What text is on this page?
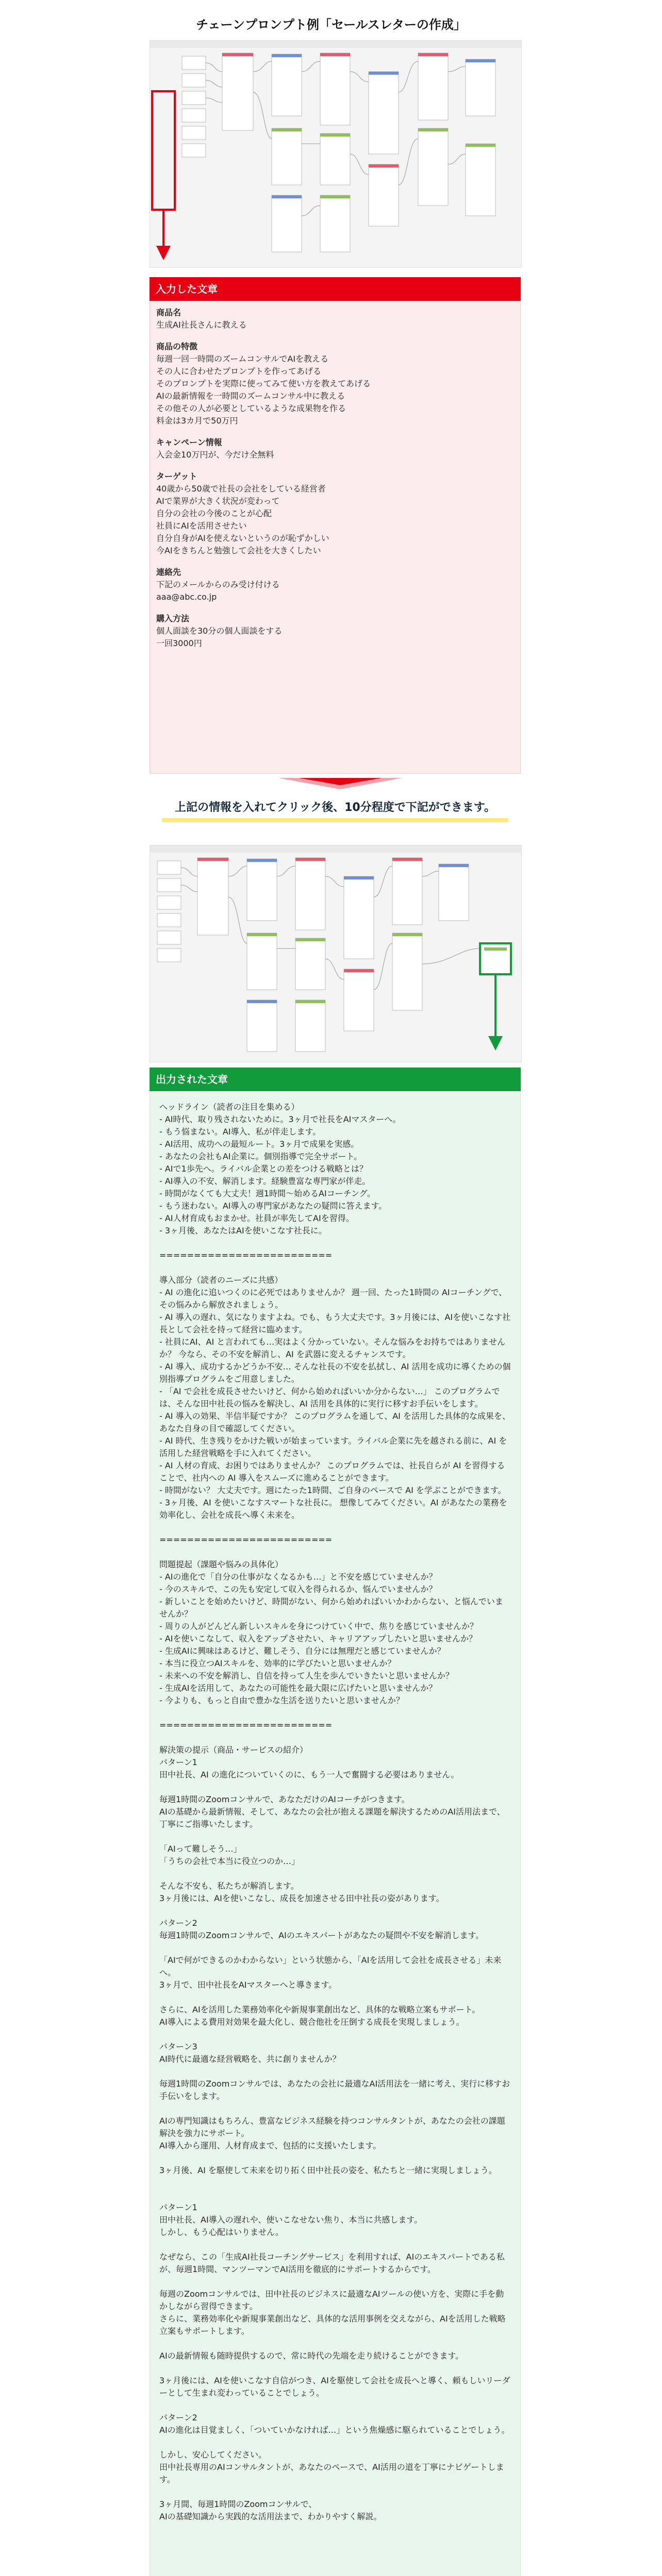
チェーンプロンプト例「セールスレターの作成」
入力した文章
商品名
生成AI社長さんに教える
商品の特徴
毎週一回一時間のズームコンサルでAIを教える
その人に合わせたプロンプトを作ってあげる
そのプロンプトを実際に使ってみて使い方を教えてあげる
AIの最新情報を一時間のズームコンサル中に教える
その他その人が必要としているような成果物を作る
料金は3カ月で50万円
キャンペーン情報
入会金10万円が、今だけ全無料
ターゲット
40歳から50歳で社長の会社をしている経営者
AIで業界が大きく状況が変わって
自分の会社の今後のことが心配
社員にAIを活用させたい
自分自身がAIを使えないというのが恥ずかしい
今AIをきちんと勉強して会社を大きくしたい
連絡先
下記のメールからのみ受け付ける
aaa@abc.co.jp
購入方法
個人面談を30分の個人面談をする
一回3000円
上記の情報を入れてクリック後、10分程度で下記ができます。
出力された文章
ヘッドライン（読者の注目を集める）
- AI時代、取り残されないために。3ヶ月で社長をAIマスターへ。
- もう悩まない。AI導入、私が伴走します。
- AI活用、成功への最短ルート。3ヶ月で成果を実感。
- あなたの会社もAI企業に。個別指導で完全サポート。
- AIで1歩先へ。ライバル企業との差をつける戦略とは？
- AI導入の不安、解消します。経験豊富な専門家が伴走。
- 時間がなくても大丈夫！週1時間〜始めるAIコーチング。
- もう迷わない。AI導入の専門家があなたの疑問に答えます。
- AI人材育成もおまかせ。社員が率先してAIを習得。
- 3ヶ月後、あなたはAIを使いこなす社長に。
=========================
導入部分（読者のニーズに共感）
- AI の進化に追いつくのに必死ではありませんか？ 週一回、たった1時間の AIコーチングで、その悩みから解放されましょう。
- AI 導入の遅れ、気になりますよね。でも、もう大丈夫です。3ヶ月後には、AIを使いこなす社長として会社を持って経営に臨めます。
- 社員にAI、AI と言われても…実はよく分かっていない。そんな悩みをお持ちではありませんか？ 今なら、その不安を解消し、AI を武器に変えるチャンスです。
- AI 導入、成功するかどうか不安… そんな社長の不安を払拭し、AI 活用を成功に導くための個別指導プログラムをご用意しました。
- 「AI で会社を成長させたいけど、何から始めればいいか分からない…」 このプログラムでは、そんな田中社長の悩みを解決し、AI 活用を具体的に実行に移すお手伝いをします。
- AI 導入の効果、半信半疑ですか？ このプログラムを通して、AI を活用した具体的な成果を、あなた自身の目で確認してください。
- AI 時代、生き残りをかけた戦いが始まっています。ライバル企業に先を越される前に、AI を活用した経営戦略を手に入れてください。
- AI 人材の育成、お困りではありませんか？ このプログラムでは、社長自らが AI を習得することで、社内への AI 導入をスムーズに進めることができます。
- 時間がない？ 大丈夫です。週にたった1時間、ご自身のペースで AI を学ぶことができます。
- 3ヶ月後、AI を使いこなすスマートな社長に。 想像してみてください。AI があなたの業務を効率化し、会社を成長へ導く未来を。
=========================
問題提起（課題や悩みの具体化）
- AIの進化で「自分の仕事がなくなるかも…」と不安を感じていませんか？
- 今のスキルで、この先も安定して収入を得られるか、悩んでいませんか？
- 新しいことを始めたいけど、時間がない、何から始めればいいかわからない、と悩んでいませんか？
- 周りの人がどんどん新しいスキルを身につけていく中で、焦りを感じていませんか？
- AIを使いこなして、収入をアップさせたい、キャリアアップしたいと思いませんか？
- 生成AIに興味はあるけど、難しそう、自分には無理だと感じていませんか？
- 本当に役立つAIスキルを、効率的に学びたいと思いませんか？
- 未来への不安を解消し、自信を持って人生を歩んでいきたいと思いませんか？
- 生成AIを活用して、あなたの可能性を最大限に広げたいと思いませんか？
- 今よりも、もっと自由で豊かな生活を送りたいと思いませんか？
=========================
解決策の提示（商品・サービスの紹介）
パターン1
田中社長、AI の進化についていくのに、もう一人で奮闘する必要はありません。
毎週1時間のZoomコンサルで、あなただけのAIコーチがつきます。
AIの基礎から最新情報、そして、あなたの会社が抱える課題を解決するためのAI活用法まで、丁寧にご指導いたします。
「AIって難しそう…」
「うちの会社で本当に役立つのか…」
そんな不安も、私たちが解消します。
3ヶ月後には、AIを使いこなし、成長を加速させる田中社長の姿があります。
パターン2
毎週1時間のZoomコンサルで、AIのエキスパートがあなたの疑問や不安を解消します。
「AIで何ができるのかわからない」という状態から、「AIを活用して会社を成長させる」未来へ。
3ヶ月で、田中社長をAIマスターへと導きます。
さらに、AIを活用した業務効率化や新規事業創出など、具体的な戦略立案もサポート。
AI導入による費用対効果を最大化し、競合他社を圧倒する成長を実現しましょう。
パターン3
AI時代に最適な経営戦略を、共に創りませんか？
毎週1時間のZoomコンサルでは、あなたの会社に最適なAI活用法を一緒に考え、実行に移すお手伝いをします。
AIの専門知識はもちろん、豊富なビジネス経験を持つコンサルタントが、あなたの会社の課題解決を強力にサポート。
AI導入から運用、人材育成まで、包括的に支援いたします。
3ヶ月後、AI を駆使して未来を切り拓く田中社長の姿を、私たちと一緒に実現しましょう。
パターン1
田中社長、AI導入の遅れや、使いこなせない焦り、本当に共感します。
しかし、もう心配はいりません。
なぜなら、この「生成AI社長コーチングサービス」を利用すれば、AIのエキスパートである私が、毎週1時間、マンツーマンでAI活用を徹底的にサポートするからです。
毎週のZoomコンサルでは、田中社長のビジネスに最適なAIツールの使い方を、実際に手を動かしながら習得できます。
さらに、業務効率化や新規事業創出など、具体的な活用事例を交えながら、AIを活用した戦略立案もサポートします。
AIの最新情報も随時提供するので、常に時代の先端を走り続けることができます。
3ヶ月後には、AIを使いこなす自信がつき、AIを駆使して会社を成長へと導く、頼もしいリーダーとして生まれ変わっていることでしょう。
パターン2
AIの進化は目覚ましく、「ついていかなければ…」という焦燥感に駆られていることでしょう。
しかし、安心してください。
田中社長専用のAIコンサルタントが、あなたのペースで、AI活用の道を丁寧にナビゲートします。
3ヶ月間、毎週1時間のZoomコンサルで、
AIの基礎知識から実践的な活用法まで、わかりやすく解説。
